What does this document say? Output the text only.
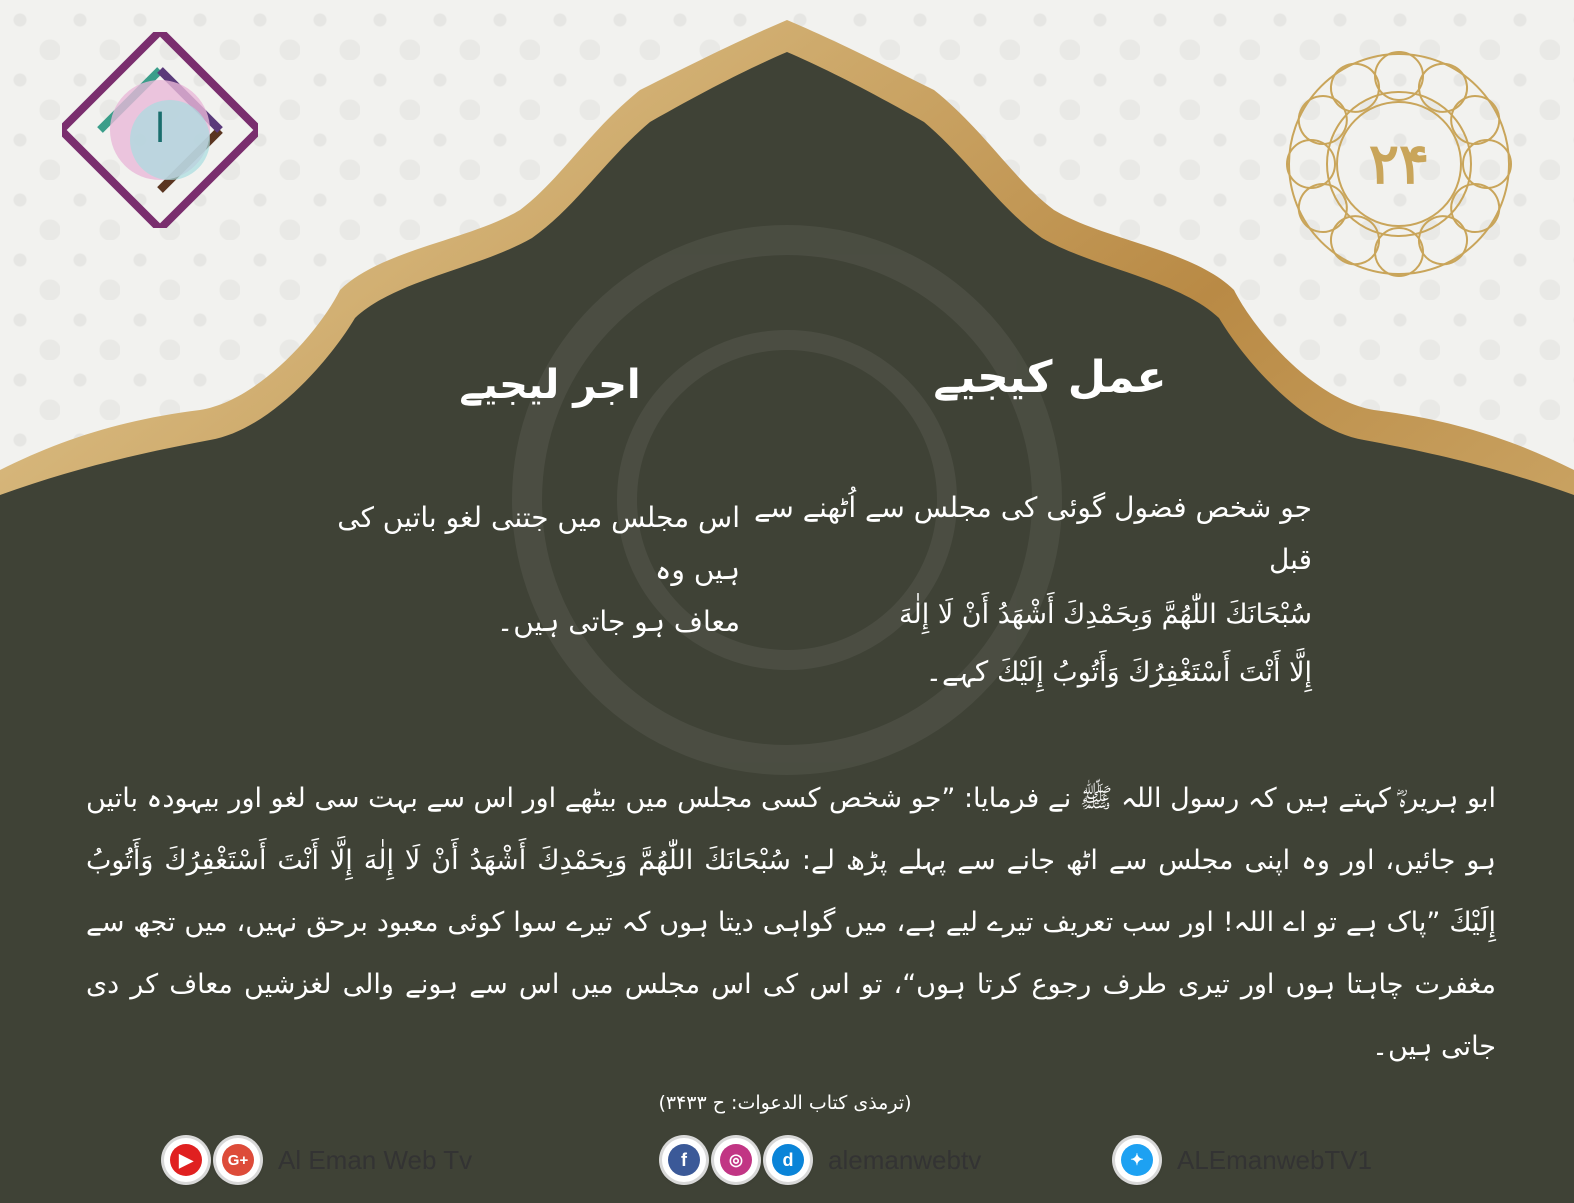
ا
۲۴
عمل کیجیے
اجر لیجیے
جو شخص فضول گوئی کی مجلس سے اُٹھنے سے قبل
سُبْحَانَكَ اللّٰهُمَّ وَبِحَمْدِكَ أَشْهَدُ أَنْ لَا إِلٰهَ
إِلَّا أَنْتَ أَسْتَغْفِرُكَ وَأَتُوبُ إِلَيْكَ کہے۔
اس مجلس میں جتنی لغو باتیں کی ہیں وہ
معاف ہو جاتی ہیں۔
ابو ہریرہؓ کہتے ہیں کہ رسول اللہ ﷺ نے فرمایا: ”جو شخص کسی مجلس میں بیٹھے اور اس سے بہت سی لغو اور بیہودہ باتیں ہو جائیں، اور وہ اپنی مجلس سے اٹھ جانے سے پہلے پڑھ لے: سُبْحَانَكَ اللّٰهُمَّ وَبِحَمْدِكَ أَشْهَدُ أَنْ لَا إِلٰهَ إِلَّا أَنْتَ أَسْتَغْفِرُكَ وَأَتُوبُ إِلَيْكَ ”پاک ہے تو اے اللہ! اور سب تعریف تیرے لیے ہے، میں گواہی دیتا ہوں کہ تیرے سوا کوئی معبود برحق نہیں، میں تجھ سے مغفرت چاہتا ہوں اور تیری طرف رجوع کرتا ہوں“، تو اس کی اس مجلس میں اس سے ہونے والی لغزشیں معاف کر دی جاتی ہیں۔
(ترمذی کتاب الدعوات: ح ۳۴۳۳)
▶	G+ Al Eman Web Tv	f	◎	d	alemanwebtv	✦	ALEmanwebTV1
